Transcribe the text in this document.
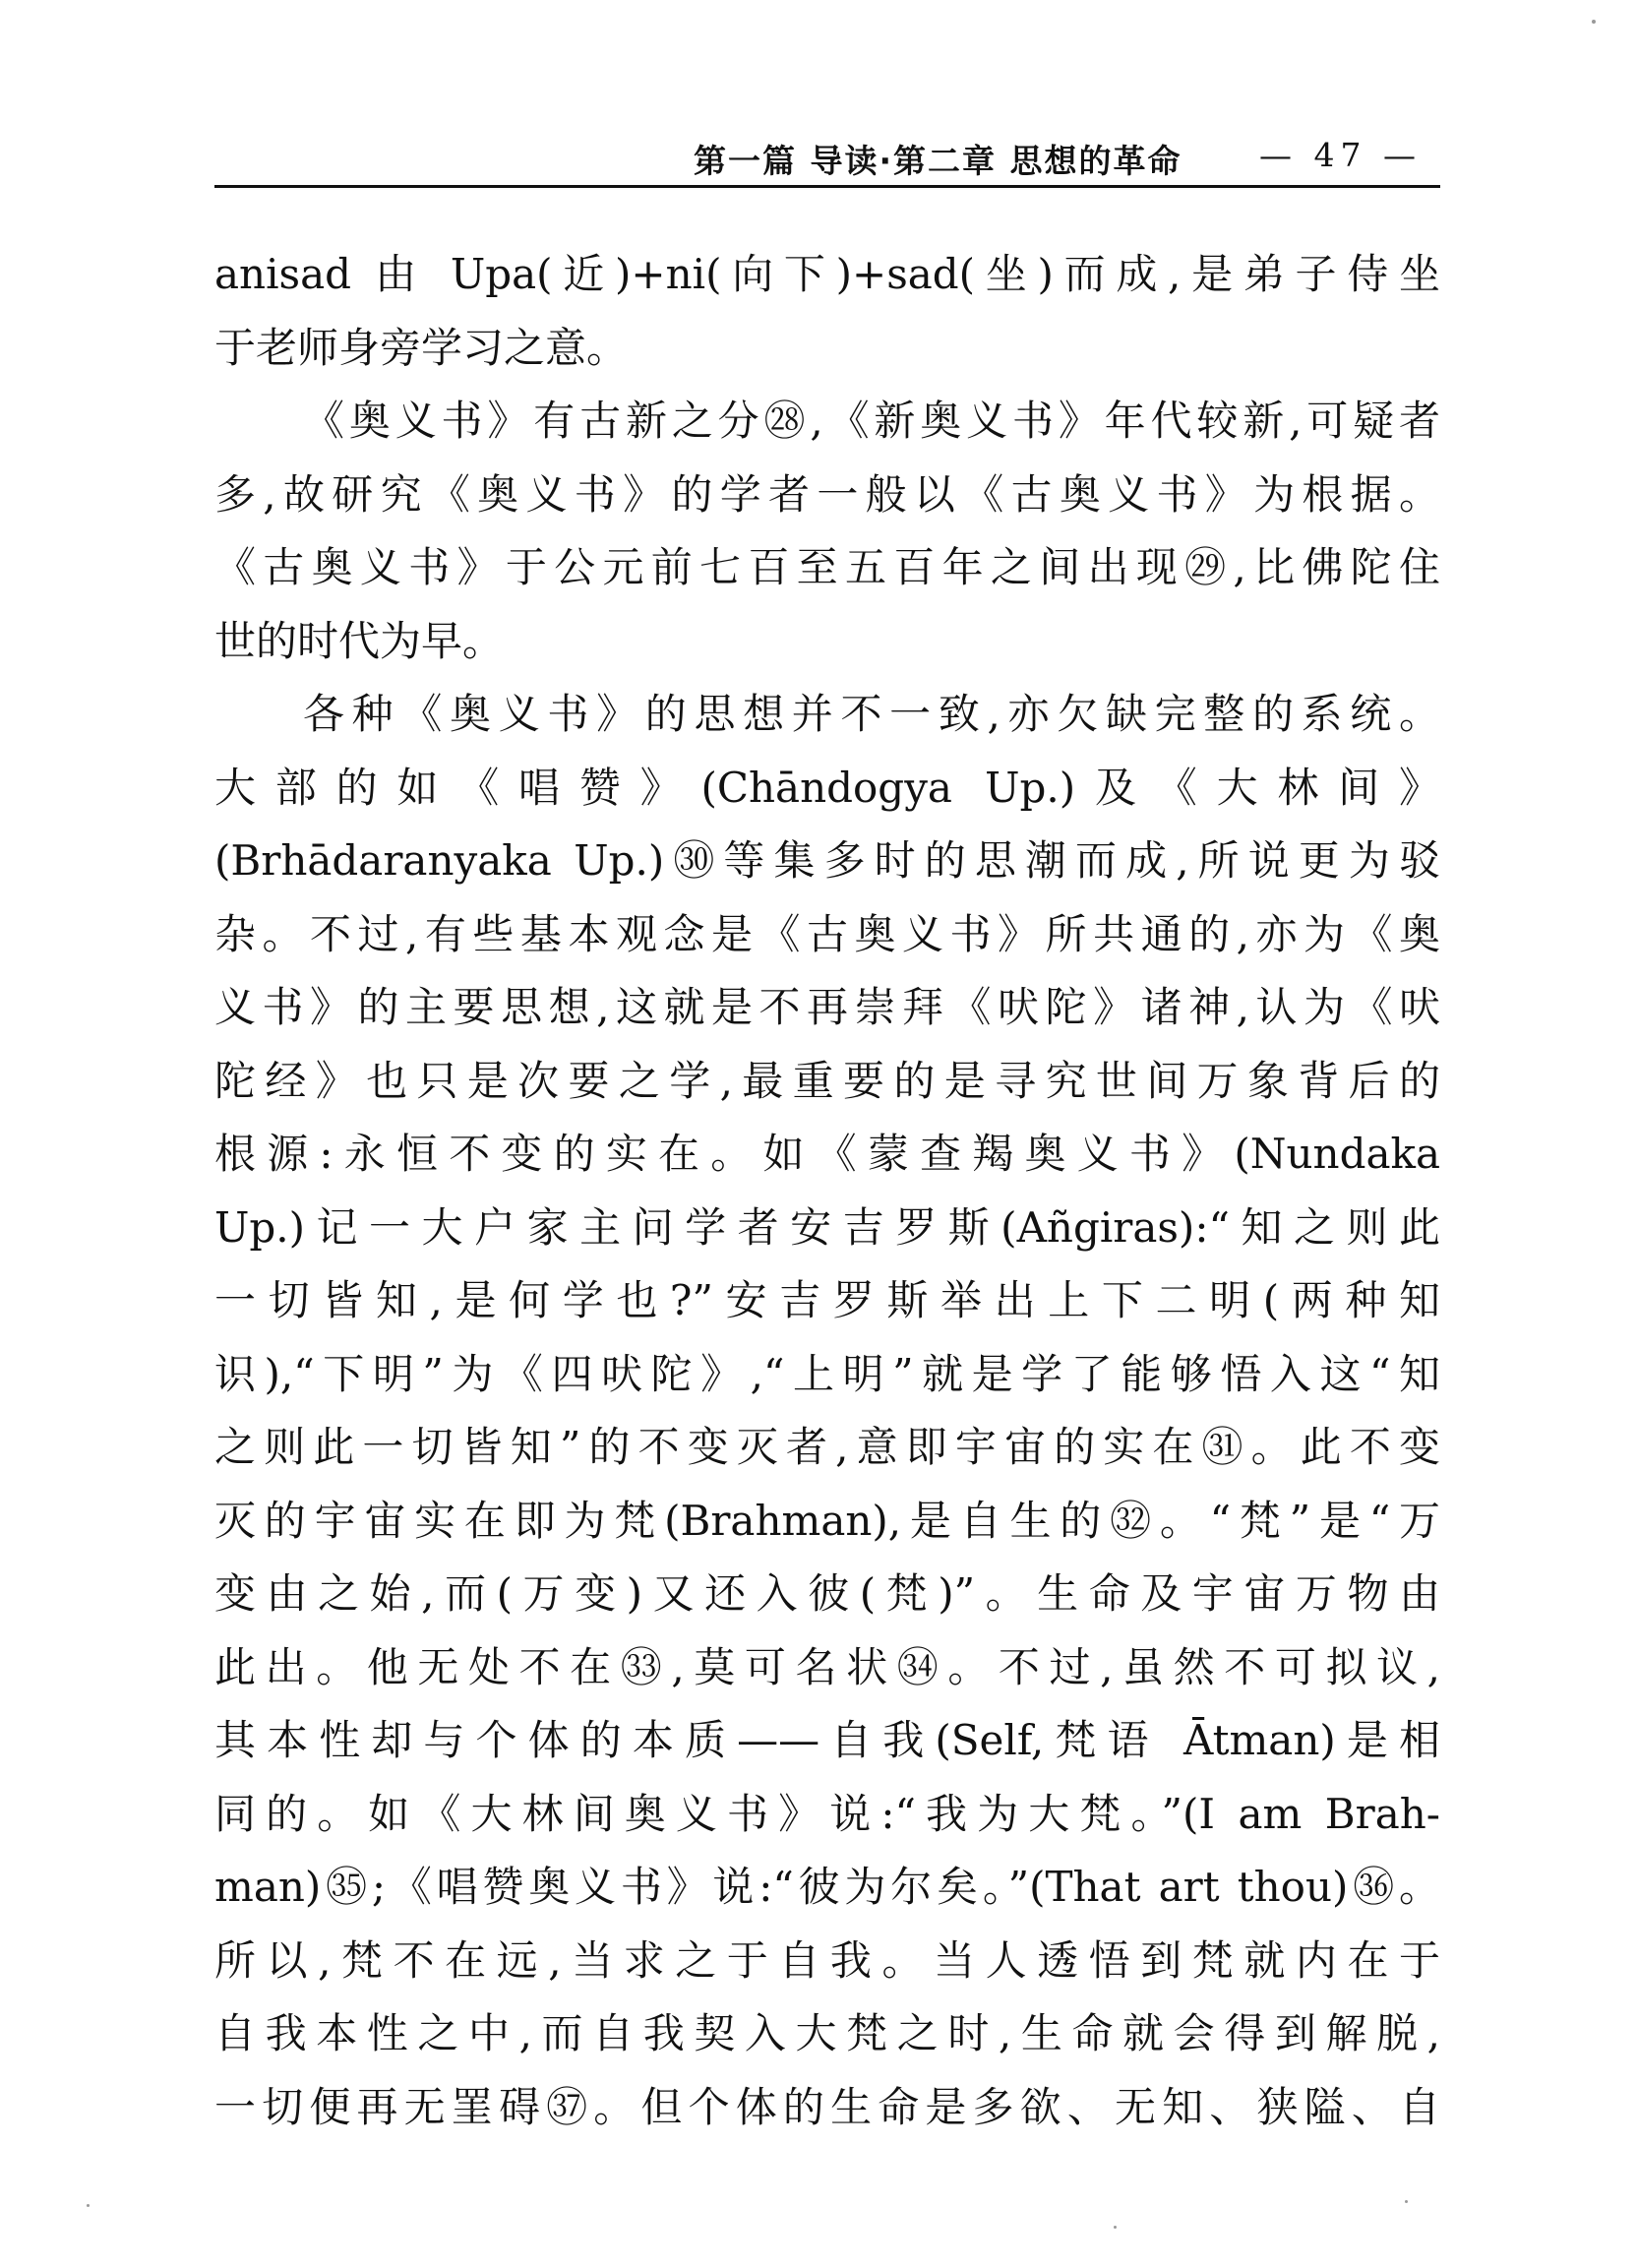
第一篇 导读·第二章 思想的革命 — 47 —
anisad 由 Upa(近)+ni(向下)+sad(坐)而成,是弟子侍坐
于老师身旁学习之意。
《奥义书》有古新之分㉘,《新奥义书》年代较新,可疑者
多,故研究《奥义书》的学者一般以《古奥义书》为根据。
《古奥义书》于公元前七百至五百年之间出现㉙,比佛陀住
世的时代为早。
各种《奥义书》的思想并不一致,亦欠缺完整的系统。
大部的如《唱赞》(Chāndogya Up.)及《大林间》
(Brhādaranyaka Up.)㉚等集多时的思潮而成,所说更为驳
杂。不过,有些基本观念是《古奥义书》所共通的,亦为《奥
义书》的主要思想,这就是不再崇拜《吠陀》诸神,认为《吠
陀经》也只是次要之学,最重要的是寻究世间万象背后的
根源:永恒不变的实在。如《蒙查羯奥义书》(Nundaka
Up.)记一大户家主问学者安吉罗斯(Añgiras):“知之则此
一切皆知,是何学也?”安吉罗斯举出上下二明(两种知
识),“下明”为《四吠陀》,“上明”就是学了能够悟入这“知
之则此一切皆知”的不变灭者,意即宇宙的实在㉛。此不变
灭的宇宙实在即为梵(Brahman),是自生的㉜。“梵”是“万
变由之始,而(万变)又还入彼(梵)”。生命及宇宙万物由
此出。他无处不在㉝,莫可名状㉞。不过,虽然不可拟议,
其本性却与个体的本质——自我(Self,梵语 Ātman)是相
同的。如《大林间奥义书》说:“我为大梵。”(I am Brah-
man)㉟;《唱赞奥义书》说:“彼为尔矣。”(That art thou)㊱。
所以,梵不在远,当求之于自我。当人透悟到梵就内在于
自我本性之中,而自我契入大梵之时,生命就会得到解脱,
一切便再无罣碍㊲。但个体的生命是多欲、无知、狭隘、自
